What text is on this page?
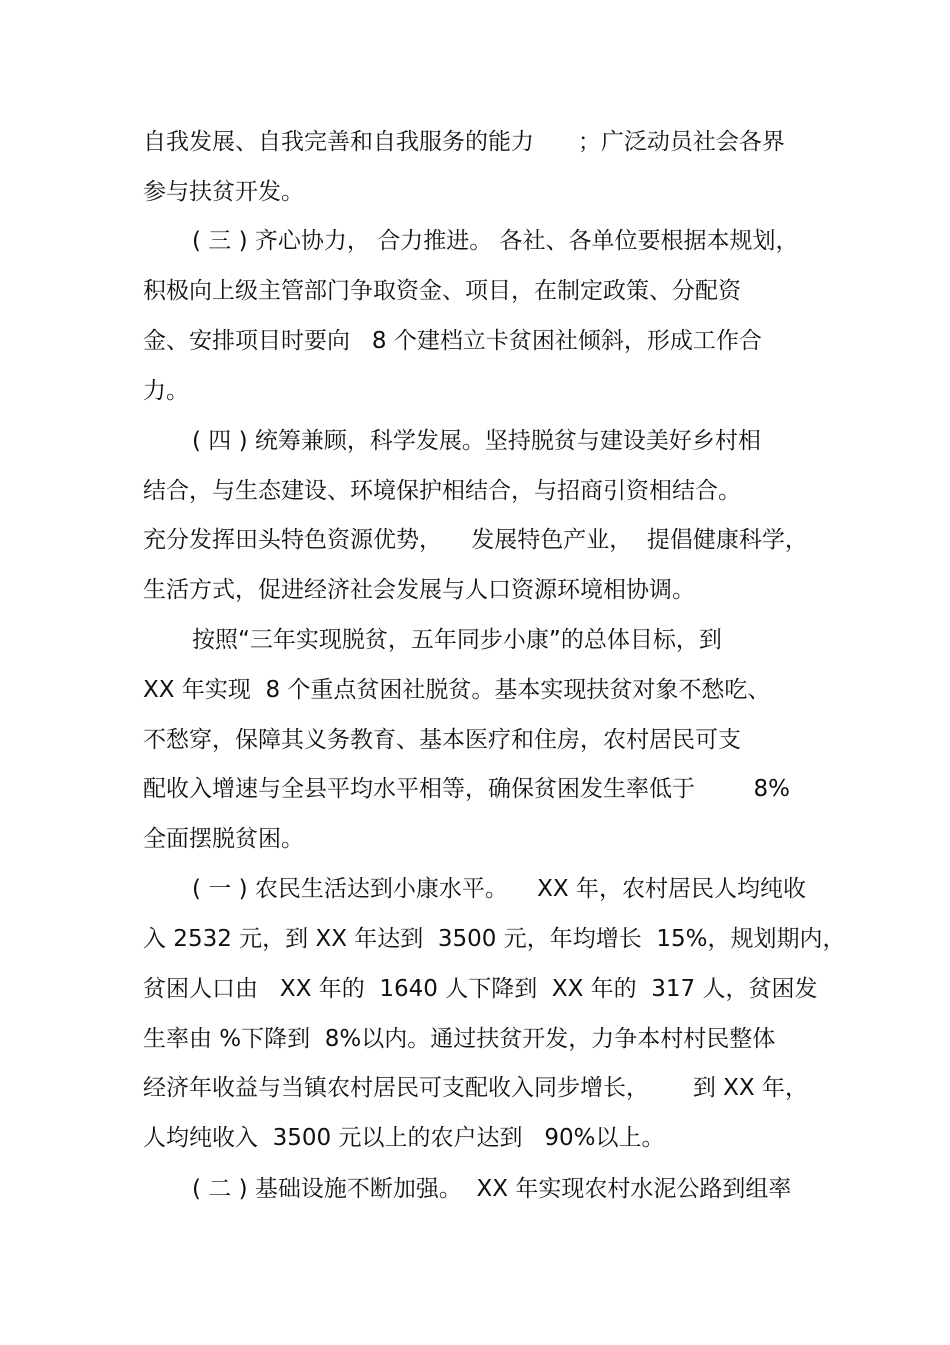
自我发展、自我完善和自我服务的能力      ；广泛动员社会各界
参与扶贫开发。
( 三 ) 齐心协力， 合力推进。 各社、各单位要根据本规划，
积极向上级主管部门争取资金、项目，在制定政策、分配资
金、安排项目时要向   8 个建档立卡贫困社倾斜，形成工作合
力。
( 四 ) 统筹兼顾，科学发展。坚持脱贫与建设美好乡村相
结合，与生态建设、环境保护相结合，与招商引资相结合。
充分发挥田头特色资源优势，    发展特色产业，  提倡健康科学，
生活方式，促进经济社会发展与人口资源环境相协调。
按照“三年实现脱贫，五年同步小康”的总体目标，到
XX 年实现  8 个重点贫困社脱贫。基本实现扶贫对象不愁吃、
不愁穿，保障其义务教育、基本医疗和住房，农村居民可支
配收入增速与全县平均水平相等，确保贫困发生率低于        8%
全面摆脱贫困。
( 一 ) 农民生活达到小康水平。    XX 年，农村居民人均纯收
入 2532 元，到 XX 年达到  3500 元，年均增长  15%，规划期内，
贫困人口由   XX 年的  1640 人下降到  XX 年的  317 人，贫困发
生率由 %下降到  8%以内。通过扶贫开发，力争本村村民整体
经济年收益与当镇农村居民可支配收入同步增长，      到 XX 年，
人均纯收入  3500 元以上的农户达到   90%以上。
( 二 ) 基础设施不断加强。  XX 年实现农村水泥公路到组率
